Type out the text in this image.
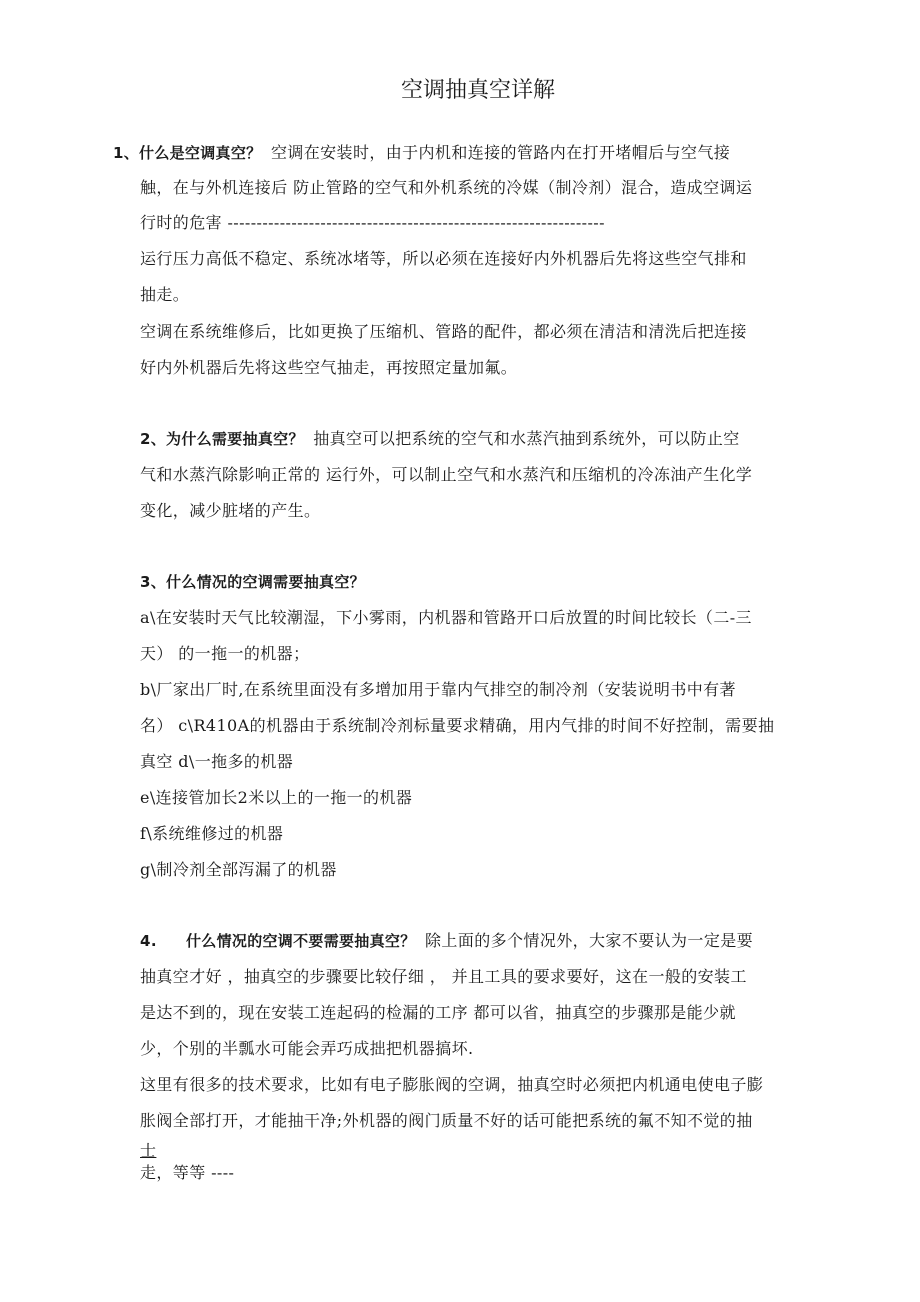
空调抽真空详解
1、什么是空调真空？ 空调在安装时，由于内机和连接的管路内在打开堵帽后与空气接
触，在与外机连接后 防止管路的空气和外机系统的冷媒（制冷剂）混合，造成空调运
行时的危害 -----------------------------------------------------------------
运行压力高低不稳定、系统冰堵等，所以必须在连接好内外机器后先将这些空气排和
抽走。
空调在系统维修后，比如更换了压缩机、管路的配件，都必须在清洁和清洗后把连接
好内外机器后先将这些空气抽走，再按照定量加氟。
2、为什么需要抽真空？ 抽真空可以把系统的空气和水蒸汽抽到系统外，可以防止空
气和水蒸汽除影响正常的 运行外，可以制止空气和水蒸汽和压缩机的冷冻油产生化学
变化，减少脏堵的产生。
3、什么情况的空调需要抽真空？
a\在安装时天气比较潮湿，下小雾雨，内机器和管路开口后放置的时间比较长（二-三
天） 的一拖一的机器；
b\厂家出厂时,在系统里面没有多增加用于靠内气排空的制冷剂（安装说明书中有著
名） c\R410A的机器由于系统制冷剂标量要求精确，用内气排的时间不好控制，需要抽
真空 d\一拖多的机器
e\连接管加长2米以上的一拖一的机器
f\系统维修过的机器
g\制冷剂全部泻漏了的机器
4. 什么情况的空调不要需要抽真空？ 除上面的多个情况外，大家不要认为一定是要
抽真空才好 ，抽真空的步骤要比较仔细 ， 并且工具的要求要好，这在一般的安装工
是达不到的，现在安装工连起码的检漏的工序 都可以省，抽真空的步骤那是能少就
少，个别的半瓢水可能会弄巧成拙把机器搞坏.
这里有很多的技术要求，比如有电子膨胀阀的空调，抽真空时必须把内机通电使电子膨
胀阀全部打开，才能抽干净;外机器的阀门质量不好的话可能把系统的氟不知不觉的抽
士
走，等等 ----
